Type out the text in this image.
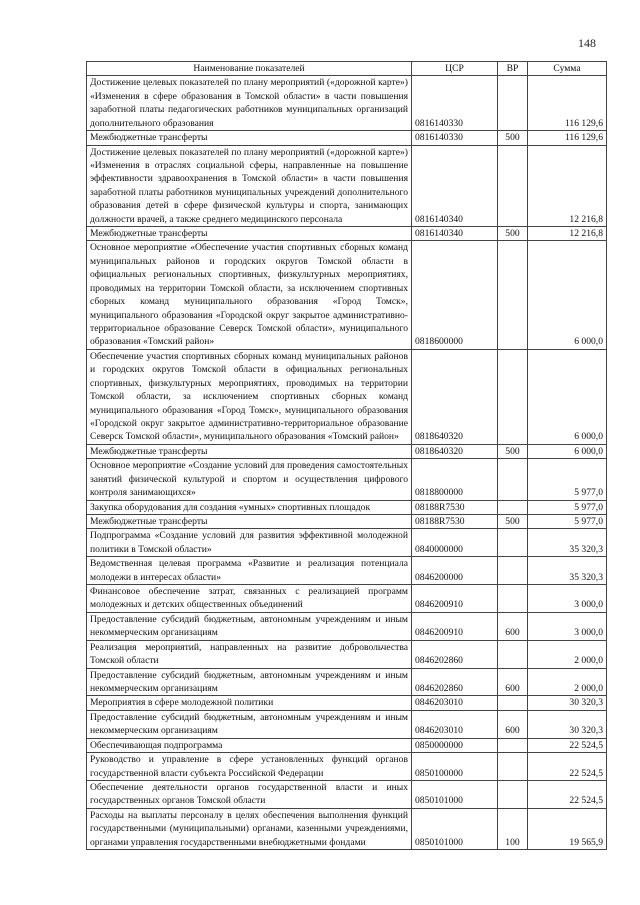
148
Наименование показателей	ЦСР	ВР	Сумма
Достижение целевых показателей по плану мероприятий («дорожной карте») «Изменения в сфере образования в Томской области» в части повышения заработной платы педагогических работников муниципальных организаций дополнительного образования	0816140330		116 129,6
Межбюджетные трансферты	0816140330	500	116 129,6
Достижение целевых показателей по плану мероприятий («дорожной карте») «Изменения в отраслях социальной сферы, направленные на повышение эффективности здравоохранения в Томской области» в части повышения заработной платы работников муниципальных учреждений дополнительного образования детей в сфере физической культуры и спорта, занимающих должности врачей, а также среднего медицинского персонала	0816140340		12 216,8
Межбюджетные трансферты	0816140340	500	12 216,8
Основное мероприятие «Обеспечение участия спортивных сборных команд муниципальных районов и городских округов Томской области в официальных региональных спортивных, физкультурных мероприятиях, проводимых на территории Томской области, за исключением спортивных сборных команд муниципального образования «Город Томск», муниципального образования «Городской округ закрытое административно-территориальное образование Северск Томской области», муниципального образования «Томский район»	0818600000		6 000,0
Обеспечение участия спортивных сборных команд муниципальных районов и городских округов Томской области в официальных региональных спортивных, физкультурных мероприятиях, проводимых на территории Томской области, за исключением спортивных сборных команд муниципального образования «Город Томск», муниципального образования «Городской округ закрытое административно-территориальное образование Северск Томской области», муниципального образования «Томский район»	0818640320		6 000,0
Межбюджетные трансферты	0818640320	500	6 000,0
Основное мероприятие «Создание условий для проведения самостоятельных занятий физической культурой и спортом и осуществления цифрового контроля занимающихся»	0818800000		5 977,0
Закупка оборудования для создания «умных» спортивных площадок	08188R7530		5 977,0
Межбюджетные трансферты	08188R7530	500	5 977,0
Подпрограмма «Создание условий для развития эффективной молодежной политики в Томской области»	0840000000		35 320,3
Ведомственная целевая программа «Развитие и реализация потенциала молодежи в интересах области»	0846200000		35 320,3
Финансовое обеспечение затрат, связанных с реализацией программ молодежных и детских общественных объединений	0846200910		3 000,0
Предоставление субсидий бюджетным, автономным учреждениям и иным некоммерческим организациям	0846200910	600	3 000,0
Реализация мероприятий, направленных на развитие добровольчества Томской области	0846202860		2 000,0
Предоставление субсидий бюджетным, автономным учреждениям и иным некоммерческим организациям	0846202860	600	2 000,0
Мероприятия в сфере молодежной политики	0846203010		30 320,3
Предоставление субсидий бюджетным, автономным учреждениям и иным некоммерческим организациям	0846203010	600	30 320,3
Обеспечивающая подпрограмма	0850000000		22 524,5
Руководство и управление в сфере установленных функций органов государственной власти субъекта Российской Федерации	0850100000		22 524,5
Обеспечение деятельности органов государственной власти и иных государственных органов Томской области	0850101000		22 524,5
Расходы на выплаты персоналу в целях обеспечения выполнения функций государственными (муниципальными) органами, казенными учреждениями, органами управления государственными внебюджетными фондами	0850101000	100	19 565,9
